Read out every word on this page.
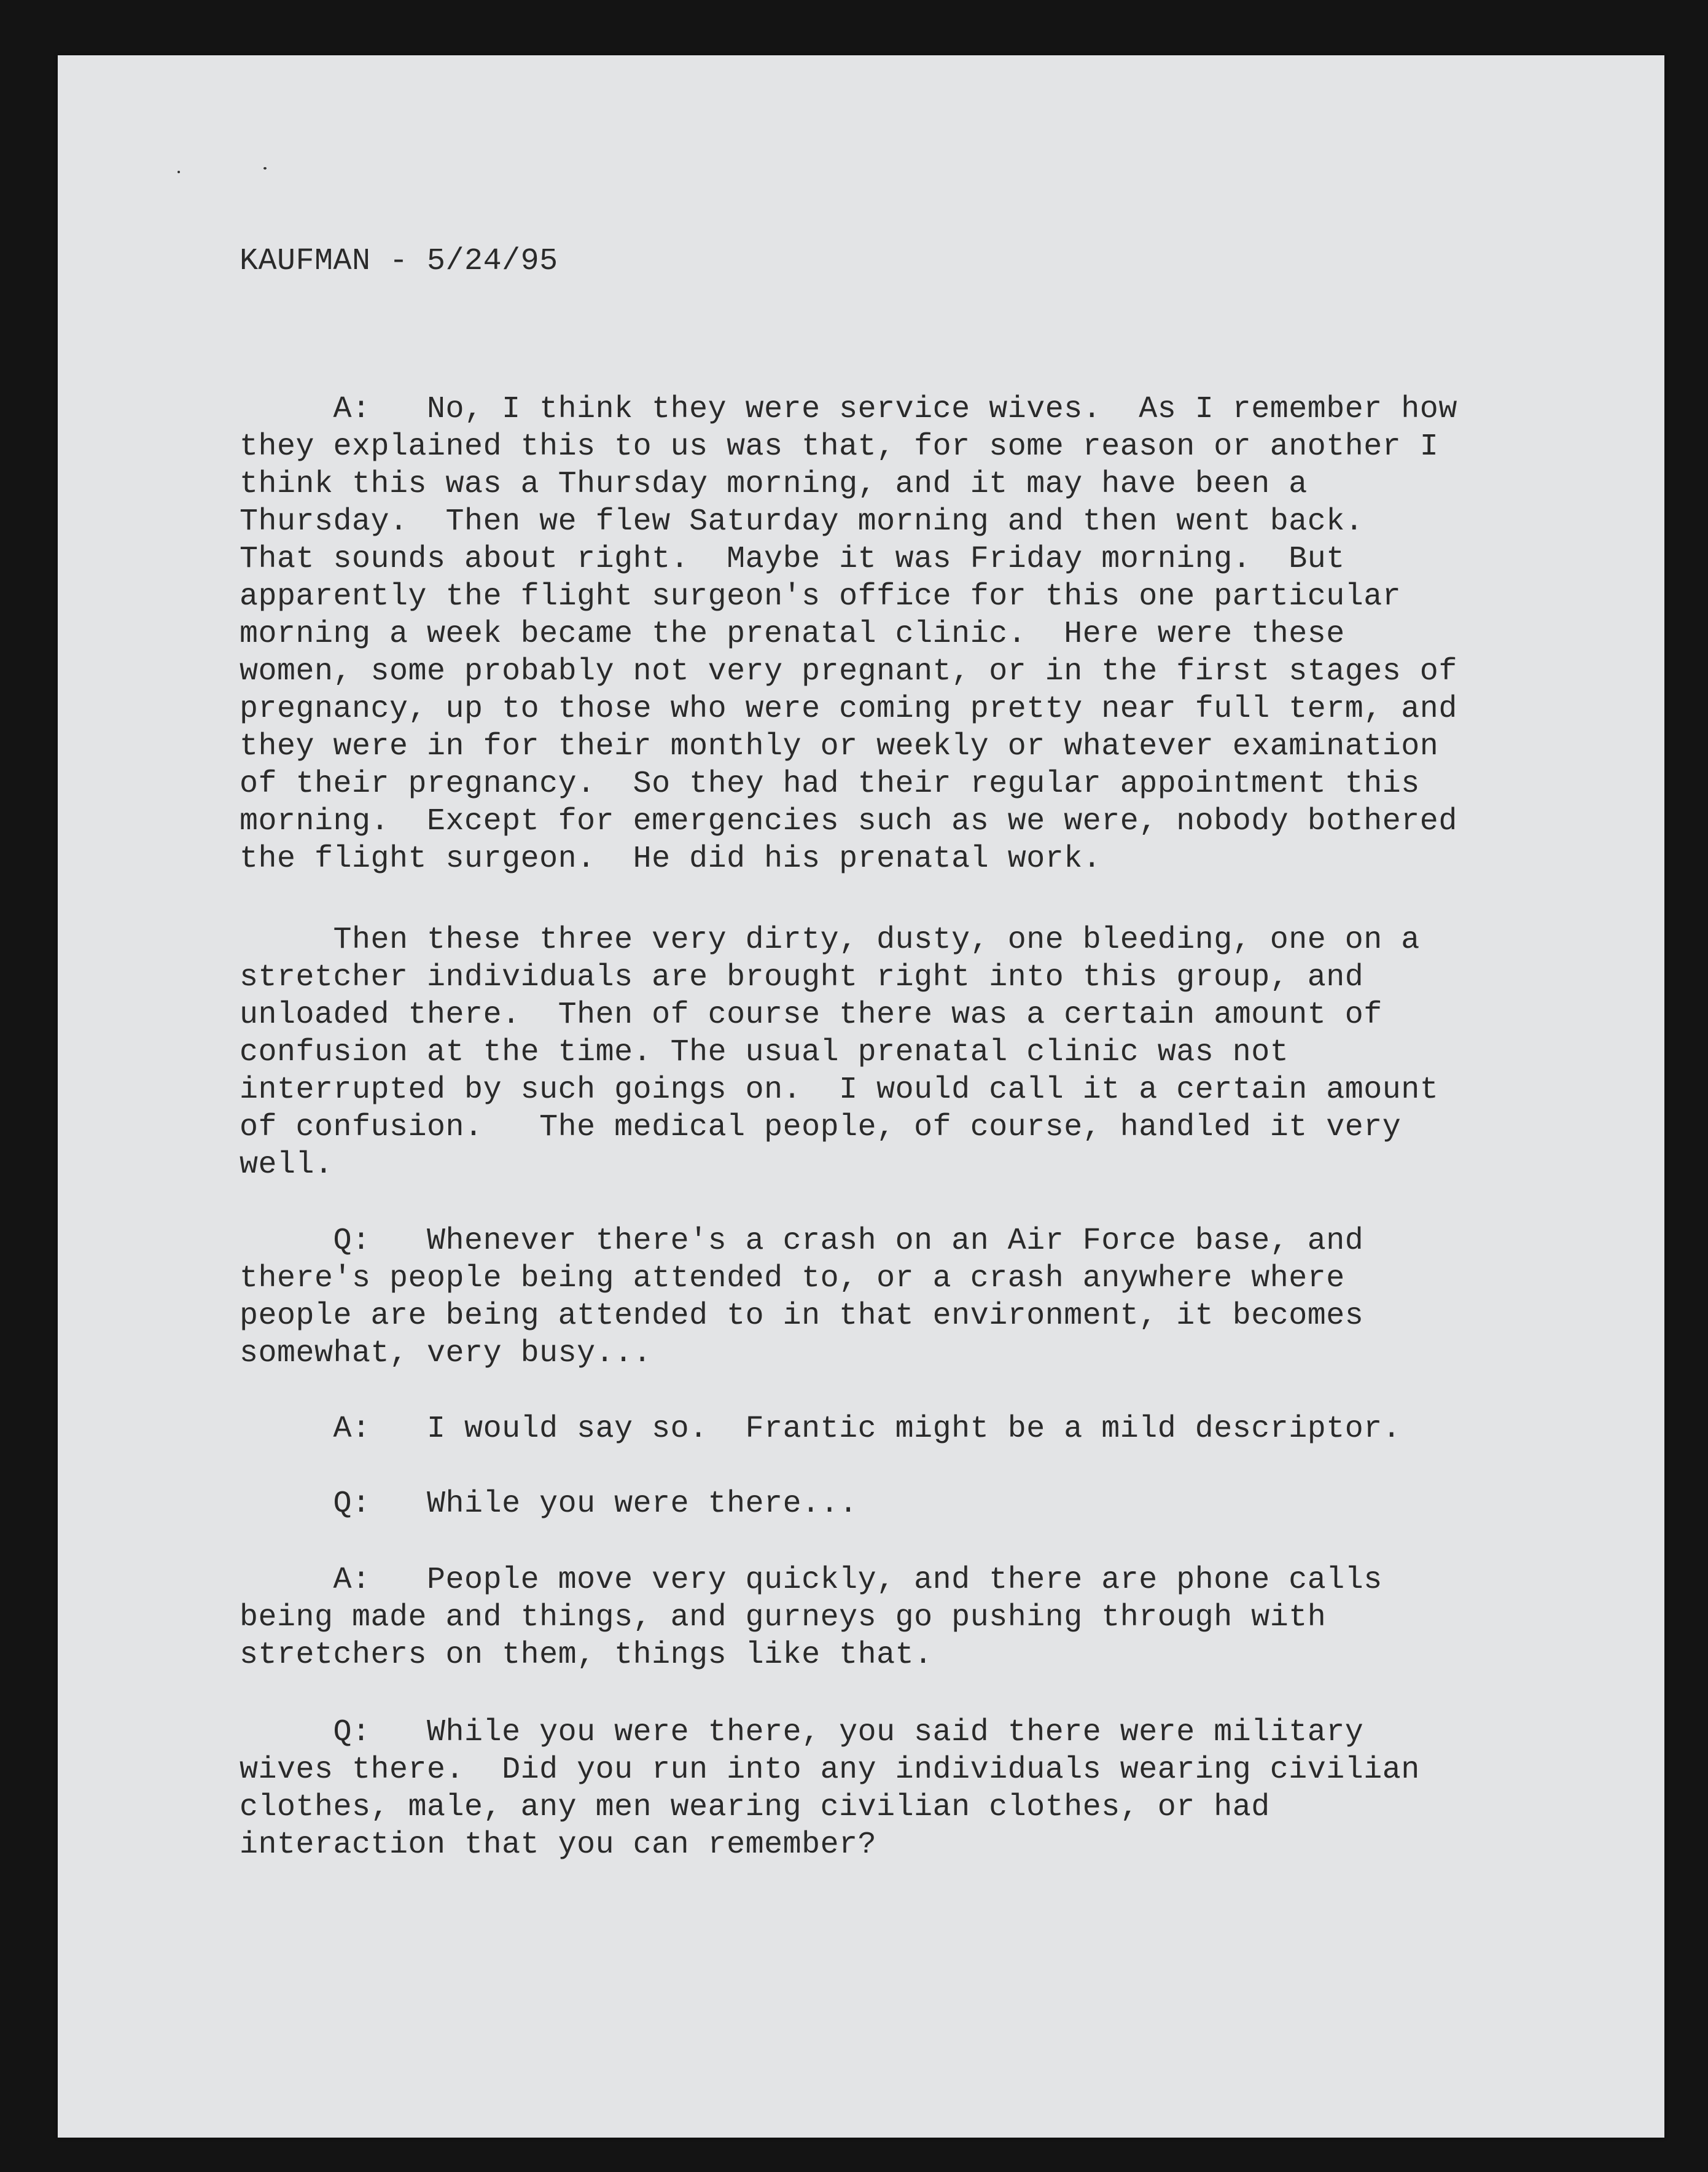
KAUFMAN - 5/24/95
A:   No, I think they were service wives.  As I remember how
they explained this to us was that, for some reason or another I
think this was a Thursday morning, and it may have been a
Thursday.  Then we flew Saturday morning and then went back.
That sounds about right.  Maybe it was Friday morning.  But
apparently the flight surgeon's office for this one particular
morning a week became the prenatal clinic.  Here were these
women, some probably not very pregnant, or in the first stages of
pregnancy, up to those who were coming pretty near full term, and
they were in for their monthly or weekly or whatever examination
of their pregnancy.  So they had their regular appointment this
morning.  Except for emergencies such as we were, nobody bothered
the flight surgeon.  He did his prenatal work.
Then these three very dirty, dusty, one bleeding, one on a
stretcher individuals are brought right into this group, and
unloaded there.  Then of course there was a certain amount of
confusion at the time. The usual prenatal clinic was not
interrupted by such goings on.  I would call it a certain amount
of confusion.   The medical people, of course, handled it very
well.
Q:   Whenever there's a crash on an Air Force base, and
there's people being attended to, or a crash anywhere where
people are being attended to in that environment, it becomes
somewhat, very busy...
A:   I would say so.  Frantic might be a mild descriptor.
Q:   While you were there...
A:   People move very quickly, and there are phone calls
being made and things, and gurneys go pushing through with
stretchers on them, things like that.
Q:   While you were there, you said there were military
wives there.  Did you run into any individuals wearing civilian
clothes, male, any men wearing civilian clothes, or had
interaction that you can remember?
